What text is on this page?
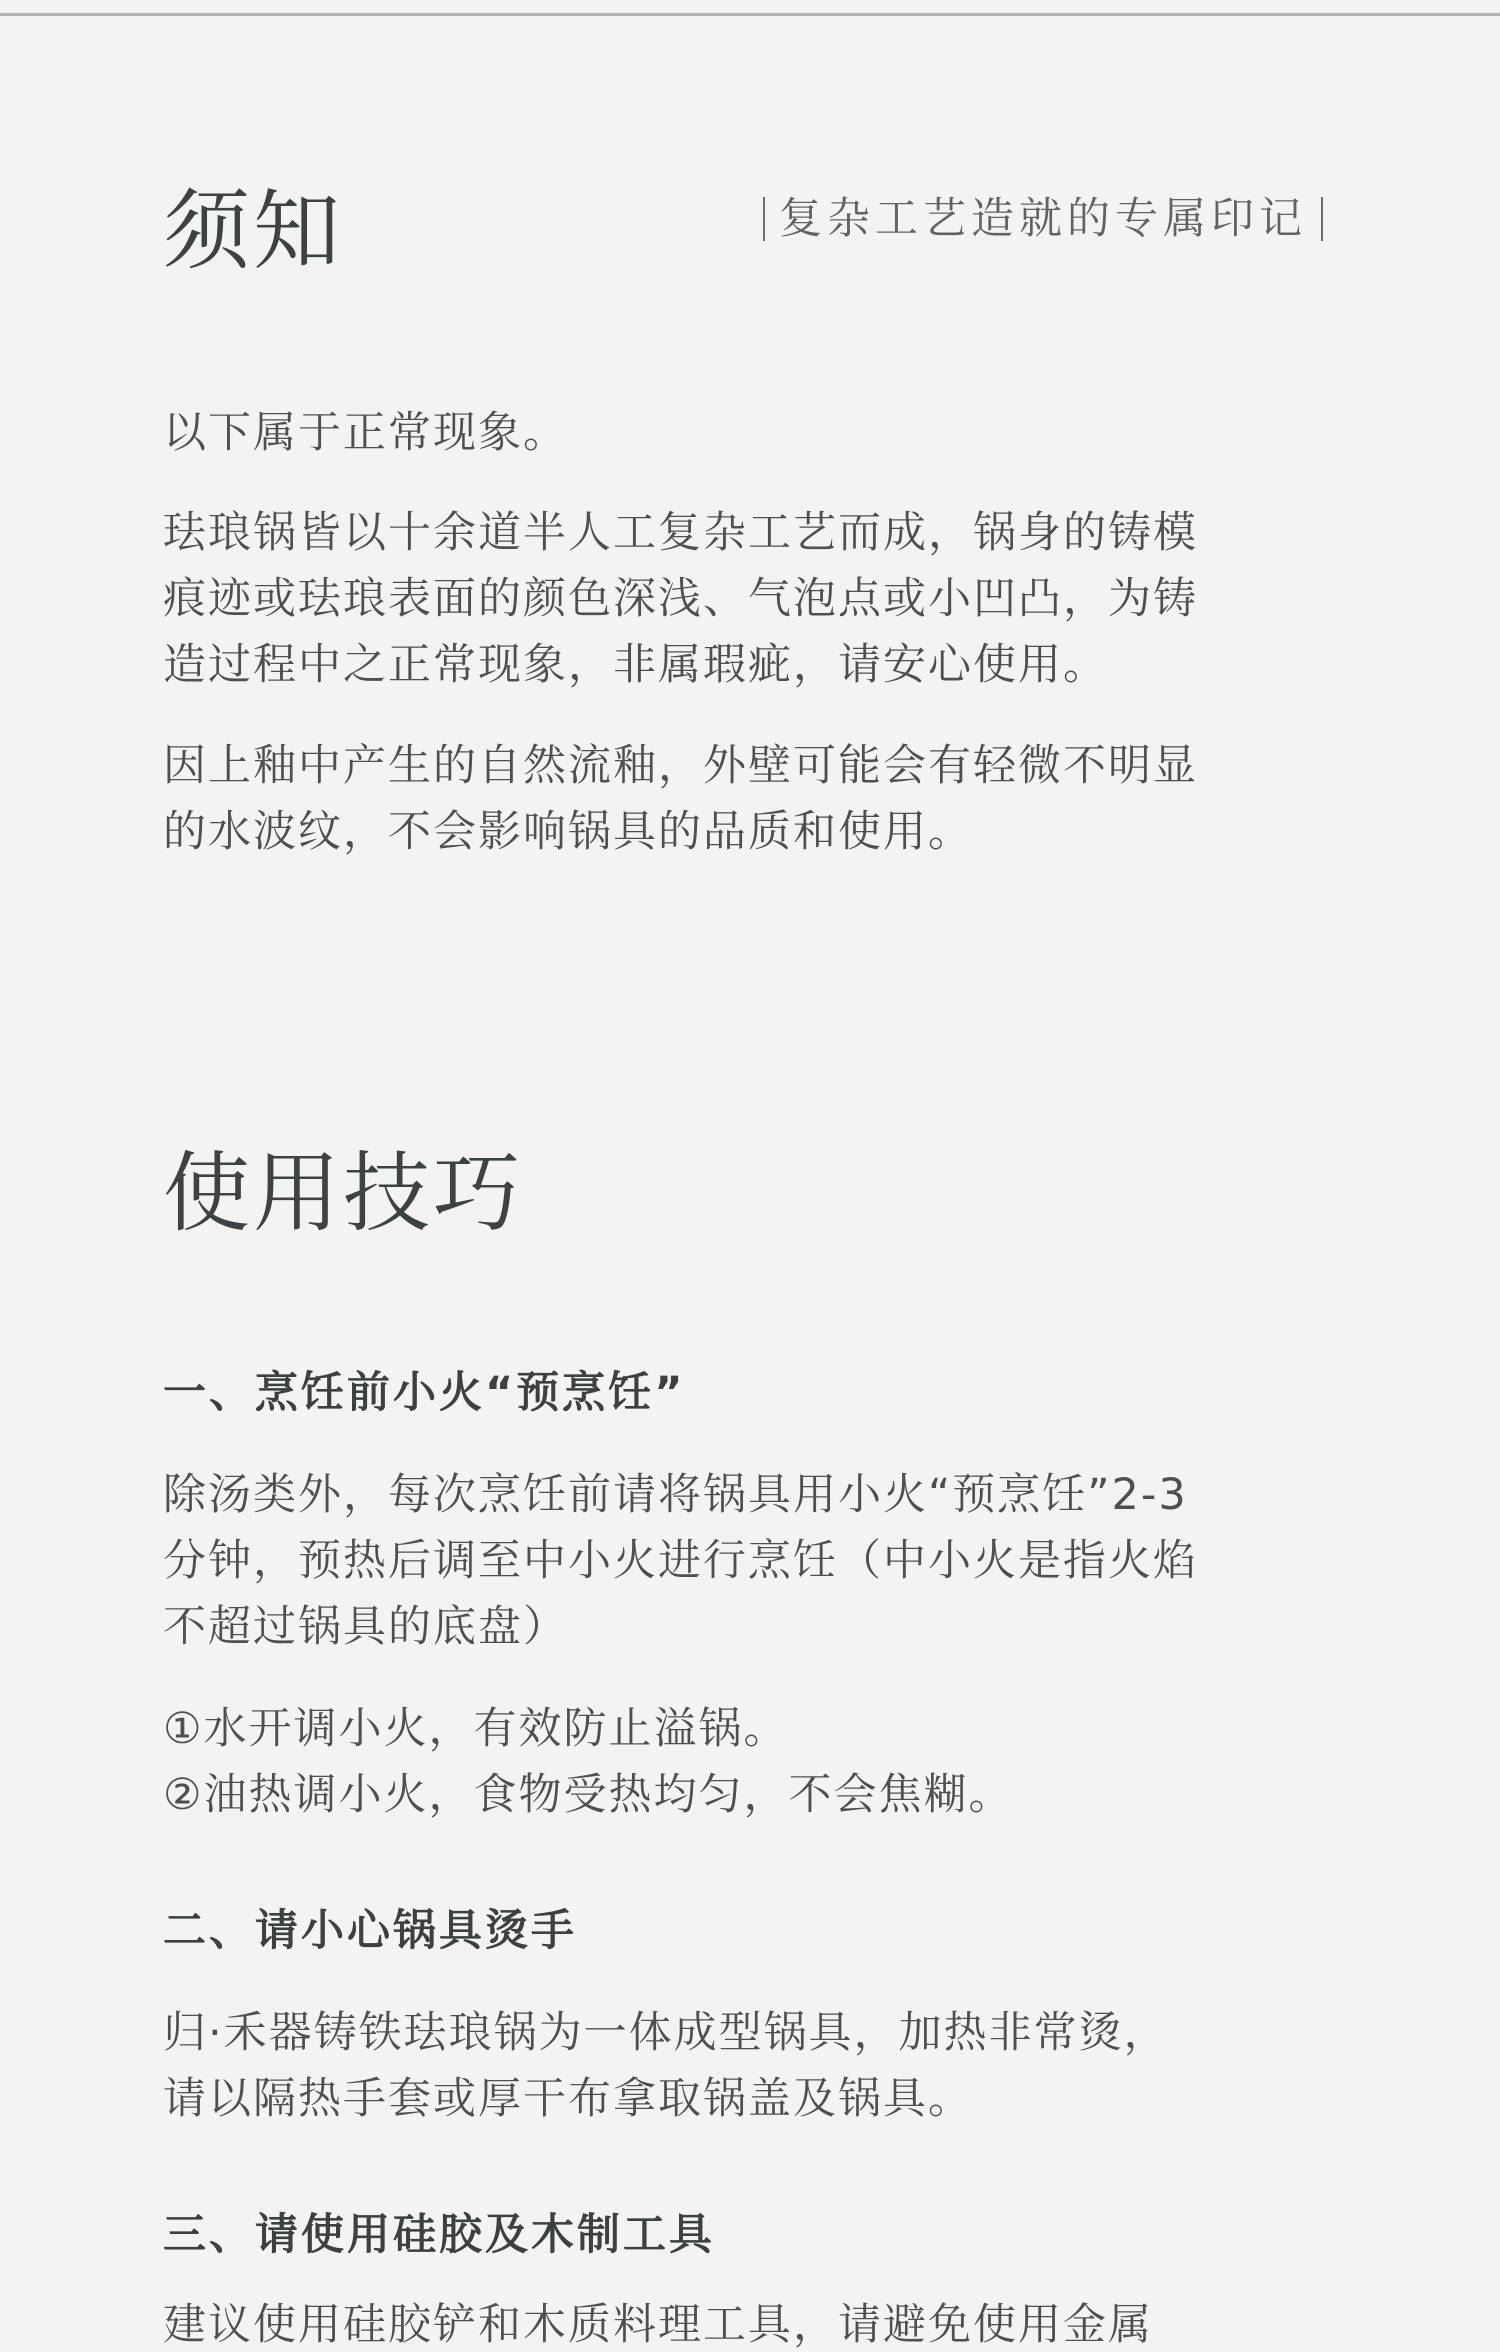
须知	复杂工艺造就的专属印记
以下属于正常现象。
珐琅锅皆以十余道半人工复杂工艺而成，锅身的铸模
痕迹或珐琅表面的颜色深浅、气泡点或小凹凸，为铸
造过程中之正常现象，非属瑕疵，请安心使用。
因上釉中产生的自然流釉，外壁可能会有轻微不明显
的水波纹，不会影响锅具的品质和使用。
使用技巧
一、烹饪前小火“预烹饪”
除汤类外，每次烹饪前请将锅具用小火“预烹饪”2-3
分钟，预热后调至中小火进行烹饪（中小火是指火焰
不超过锅具的底盘）
①水开调小火，有效防止溢锅。
②油热调小火，食物受热均匀，不会焦糊。
二、请小心锅具烫手
归·禾器铸铁珐琅锅为一体成型锅具，加热非常烫，
请以隔热手套或厚干布拿取锅盖及锅具。
三、请使用硅胶及木制工具
建议使用硅胶铲和木质料理工具，请避免使用金属
